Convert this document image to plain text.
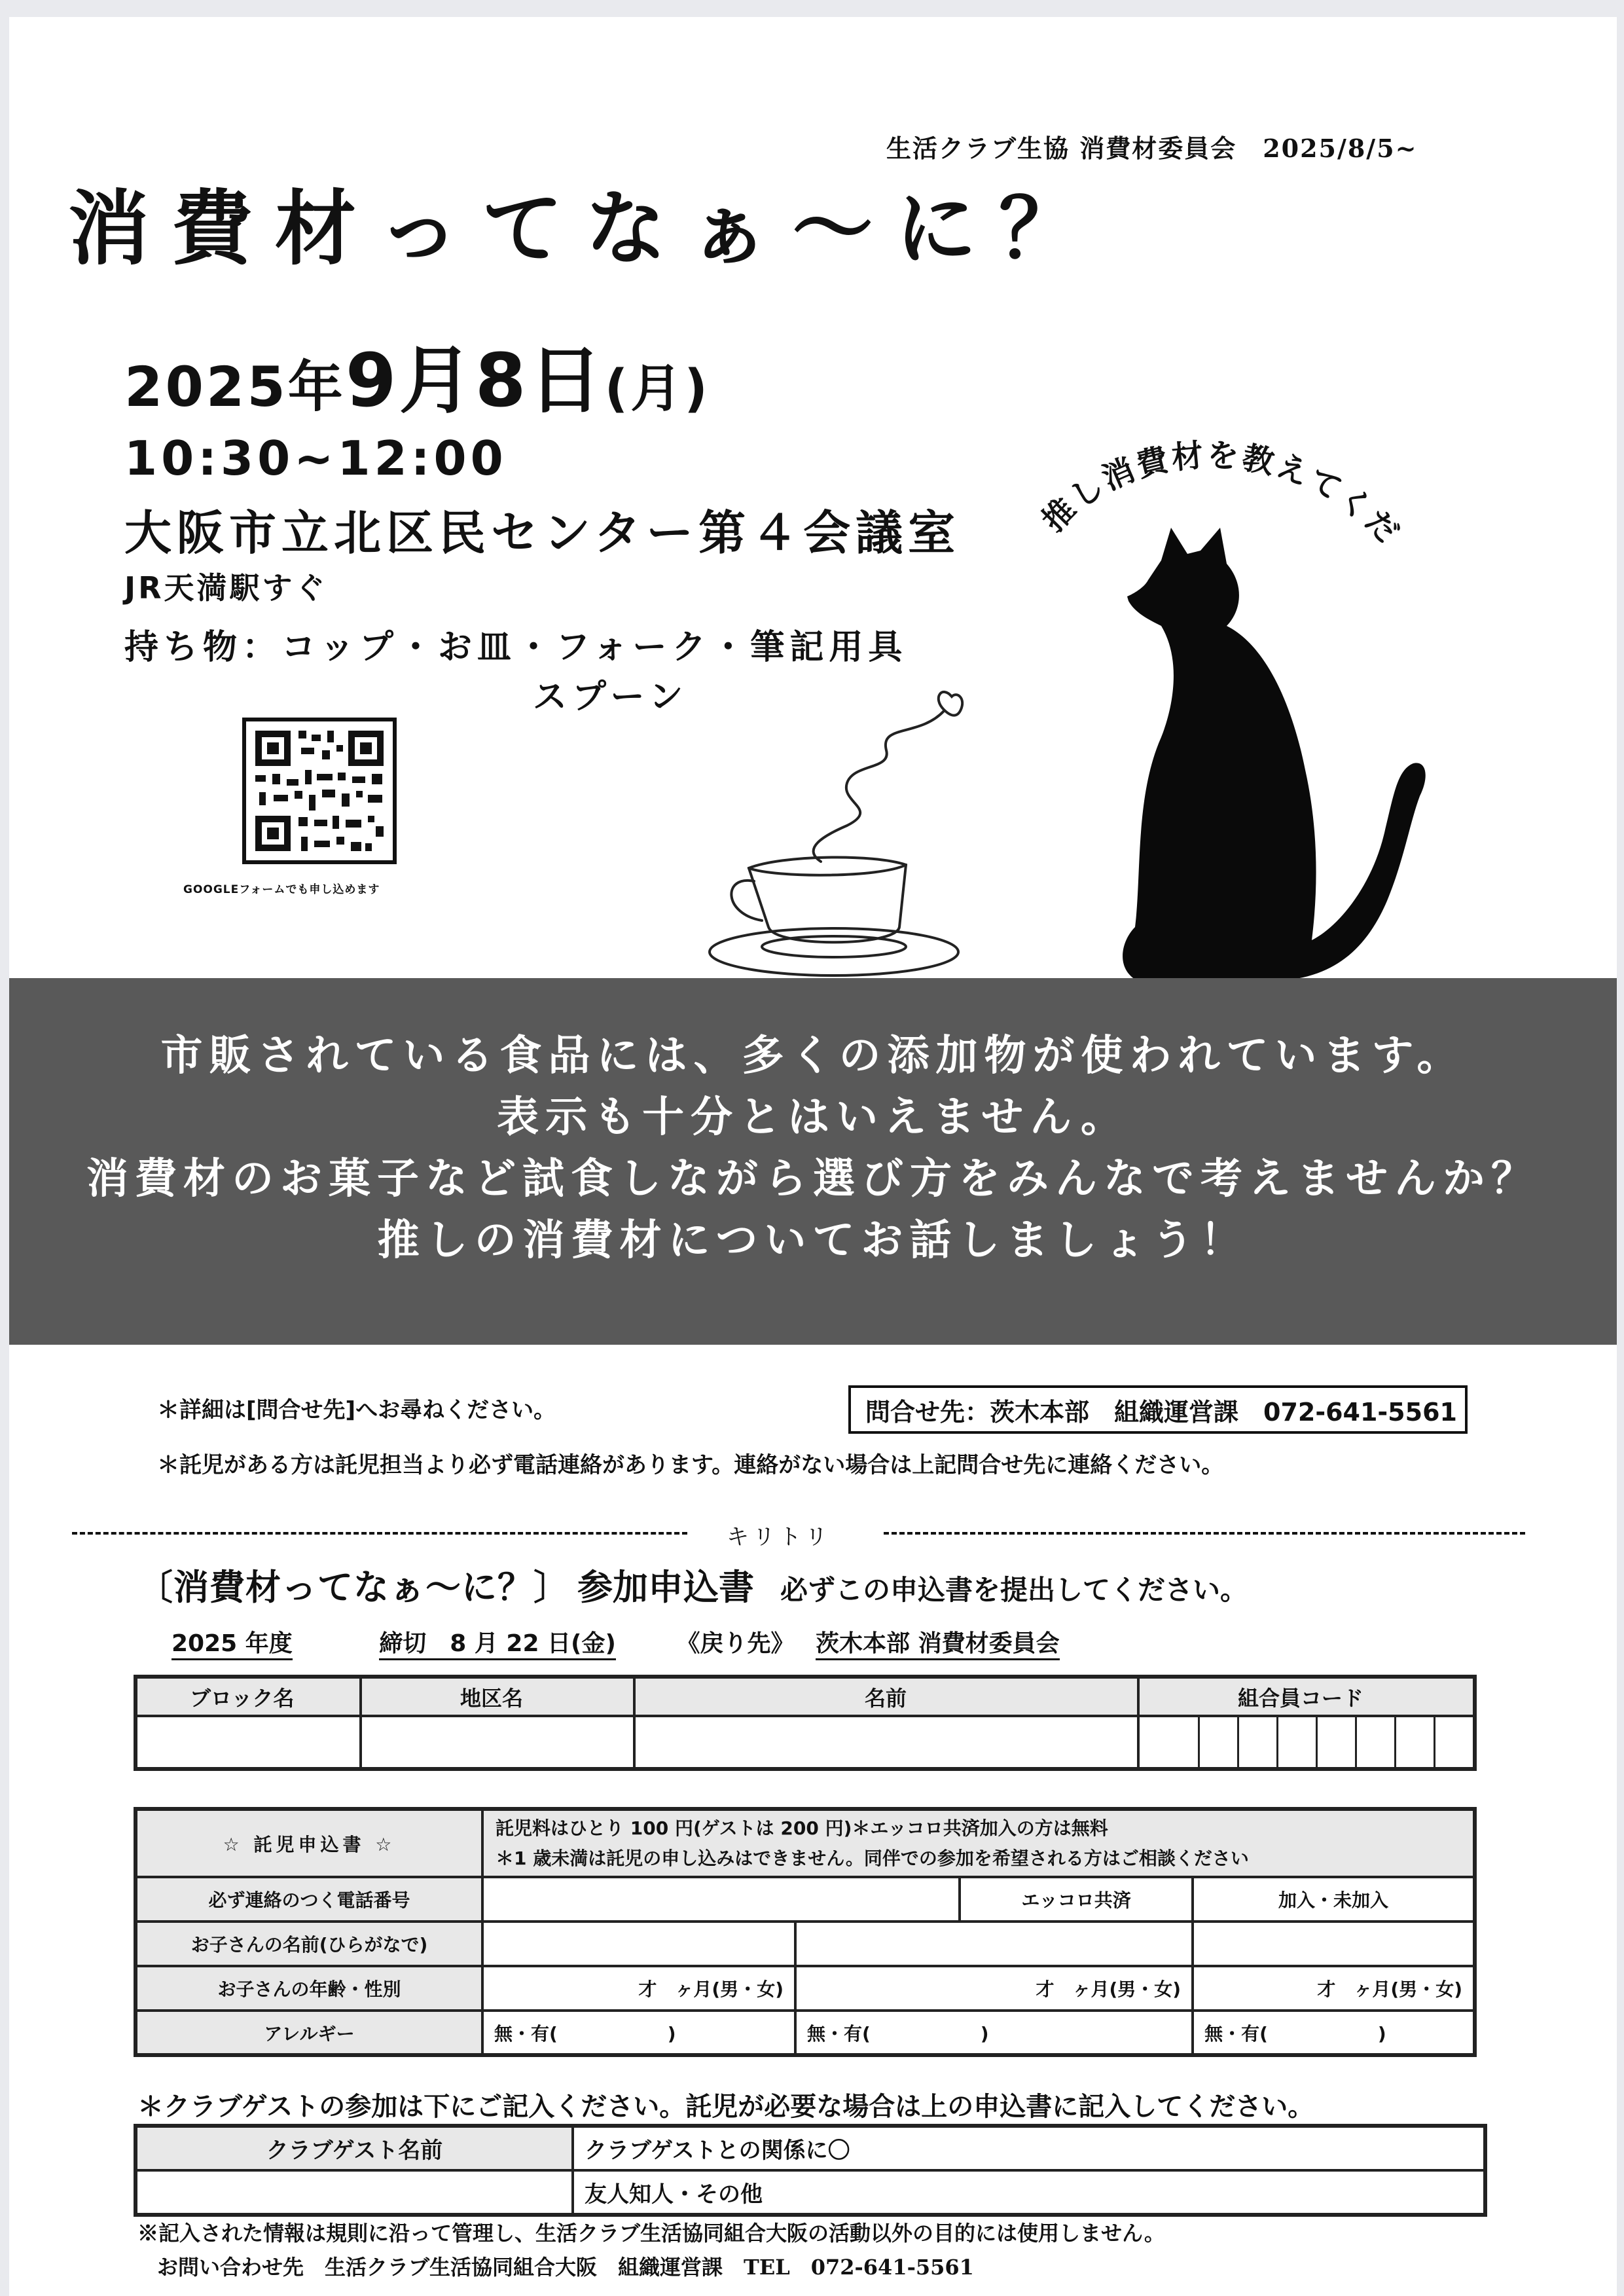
生活クラブ生協 消費材委員会　2025/8/5~
消費材ってなぁ～に？
2025年9月8日(月)
10:30~12:00
大阪市立北区民センター第４会議室
JR天満駅すぐ
持ち物：コップ・お皿・フォーク・筆記用具
スプーン
GOOGLEフォームでも申し込めます
推し消費材を教えてくだ
市販されている食品には、多くの添加物が使われています。
表示も十分とはいえません。
消費材のお菓子など試食しながら選び方をみんなで考えませんか？
推しの消費材についてお話しましょう！
＊詳細は[問合せ先]へお尋ねください。	問合せ先：茨木本部　組織運営課　072-641-5561
＊託児がある方は託児担当より必ず電話連絡があります。連絡がない場合は上記問合せ先に連絡ください。
キリトリ
〔消費材ってなぁ～に？〕 参加申込書 必ずこの申込書を提出してください。
2025 年度	締切　8 月 22 日(金)	《戻り先》 茨木本部 消費材委員会
ブロック名	地区名	名前	組合員コード

☆ 託児申込書 ☆	託児料はひとり 100 円(ゲストは 200 円)＊エッコロ共済加入の方は無料
＊1 歳未満は託児の申し込みはできません。同伴での参加を希望される方はご相談ください			

必ず連絡のつく電話番号			エッコロ共済	加入・未加入
お子さんの名前(ひらがなで)				
お子さんの年齢・性別	才　ヶ月(男・女)	才　ヶ月(男・女)		才　ヶ月(男・女)
アレルギー	無・有(　　　　　　)	無・有(　　　　　　)		無・有(　　　　　　)
＊クラブゲストの参加は下にご記入ください。託児が必要な場合は上の申込書に記入してください。
クラブゲスト名前	クラブゲストとの関係に〇
	友人知人・その他
※記入された情報は規則に沿って管理し、生活クラブ生活協同組合大阪の活動以外の目的には使用しません。
お問い合わせ先　生活クラブ生活協同組合大阪　組織運営課　TEL　072-641-5561
